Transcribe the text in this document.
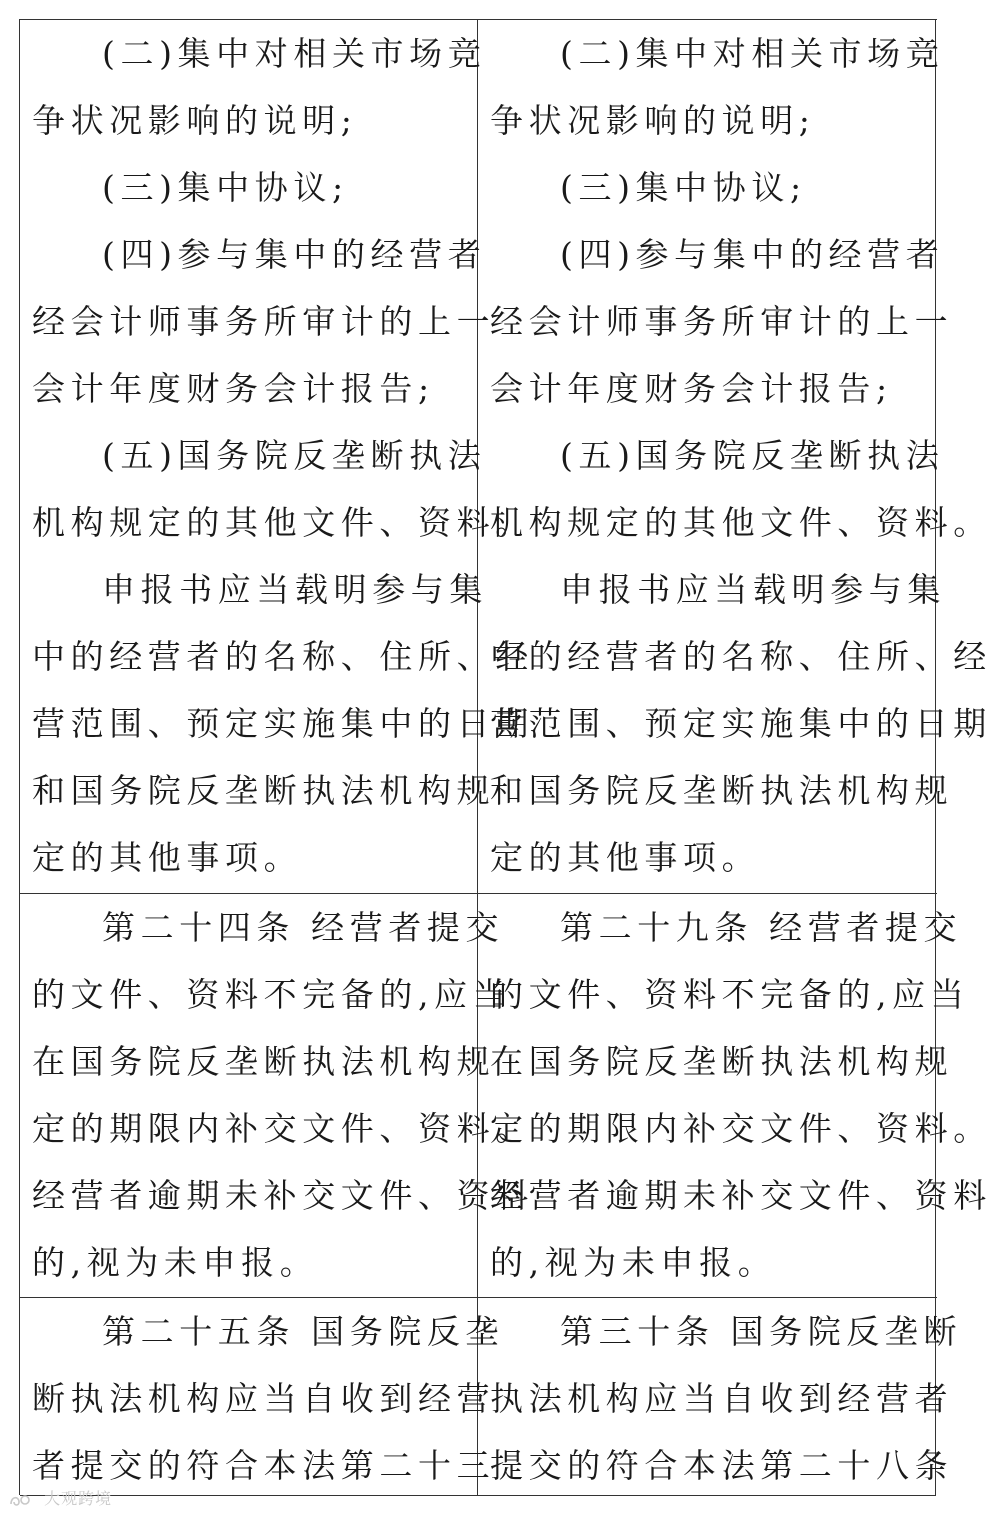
(二)集中对相关市场竞
争状况影响的说明;
(三)集中协议;
(四)参与集中的经营者
经会计师事务所审计的上一
会计年度财务会计报告;
(五)国务院反垄断执法
机构规定的其他文件、资料。
申报书应当载明参与集
中的经营者的名称、住所、经
营范围、预定实施集中的日期
和国务院反垄断执法机构规
定的其他事项。
(二)集中对相关市场竞
争状况影响的说明;
(三)集中协议;
(四)参与集中的经营者
经会计师事务所审计的上一
会计年度财务会计报告;
(五)国务院反垄断执法
机构规定的其他文件、资料。
申报书应当载明参与集
中的经营者的名称、住所、经
营范围、预定实施集中的日期
和国务院反垄断执法机构规
定的其他事项。
第二十四条 经营者提交
的文件、资料不完备的,应当
在国务院反垄断执法机构规
定的期限内补交文件、资料。
经营者逾期未补交文件、资料
的,视为未申报。
第二十九条 经营者提交
的文件、资料不完备的,应当
在国务院反垄断执法机构规
定的期限内补交文件、资料。
经营者逾期未补交文件、资料
的,视为未申报。
第二十五条 国务院反垄
断执法机构应当自收到经营
者提交的符合本法第二十三
第三十条 国务院反垄断
执法机构应当自收到经营者
提交的符合本法第二十八条
大观跨境
